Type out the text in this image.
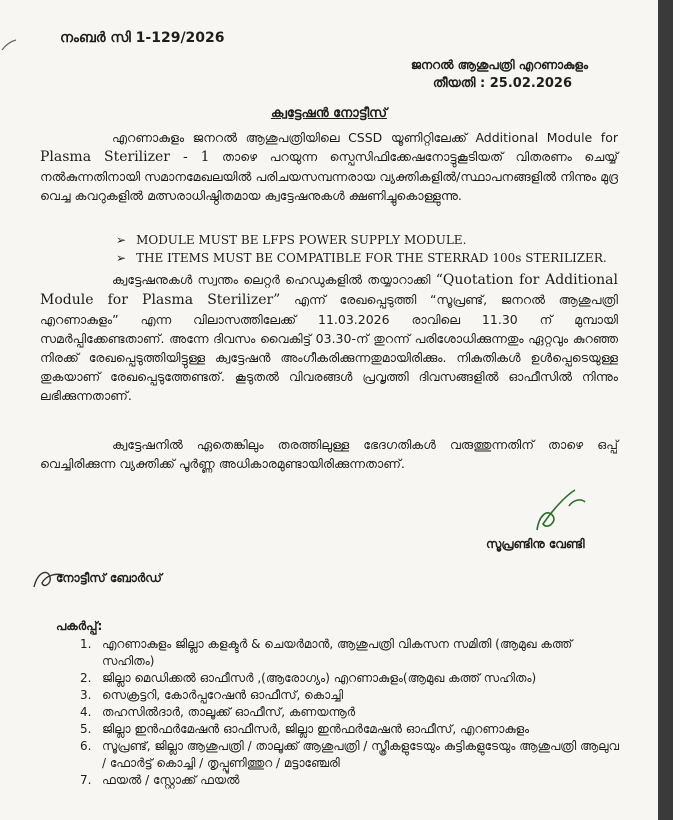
നംബർ സി 1-129/2026
ജനറൽ ആശുപത്രി എറണാകുളം
തീയതി : 25.02.2026
ക്വട്ടേഷൻ നോട്ടീസ്
എറണാകുളം ജനറൽ ആശുപത്രിയിലെ CSSD യൂണിറ്റിലേക്ക് Additional Module for Plasma Sterilizer - 1 താഴെ പറയുന്ന സ്പെസിഫിക്കേഷനോട്ടുകൂടിയത് വിതരണം ചെയ്യ് നൽകുന്നതിനായി സമാനമേഖലയിൽ പരിചയസമ്പന്നരായ വ്യക്തികളിൽ/സ്ഥാപനങ്ങളിൽ നിന്നും മുദ്ര വെച്ച കവറുകളിൽ മത്സരാധിഷ്ഠിതമായ ക്വട്ടേഷനുകൾ ക്ഷണിച്ചുകൊള്ളുന്നു.
➢ MODULE MUST BE LFPS POWER SUPPLY MODULE.
➢ THE ITEMS MUST BE COMPATIBLE FOR THE STERRAD 100s STERILIZER.
ക്വട്ടേഷനുകൾ സ്വന്തം ലെറ്റർ ഹെഡുകളിൽ തയ്യാറാക്കി “Quotation for Additional Module for Plasma Sterilizer” എന്ന് രേഖപ്പെടുത്തി “സൂപ്രണ്ട്, ജനറൽ ആശുപത്രി എറണാകുളം” എന്ന വിലാസത്തിലേക്ക് 11.03.2026 രാവിലെ 11.30 ന് മുമ്പായി സമർപ്പിക്കേണ്ടതാണ്. അന്നേ ദിവസം വൈകിട്ട് 03.30-ന് തുറന്ന് പരിശോധിക്കുന്നതും ഏറ്റവും കുറഞ്ഞ നിരക്ക് രേഖപ്പെടുത്തിയിട്ടുള്ള ക്വട്ടേഷൻ അംഗീകരിക്കുന്നതുമായിരിക്കും. നികുതികൾ ഉൾപ്പെടെയുള്ള തുകയാണ് രേഖപ്പെടുത്തേണ്ടത്. കൂടുതൽ വിവരങ്ങൾ പ്രവൃത്തി ദിവസങ്ങളിൽ ഓഫീസിൽ നിന്നും ലഭിക്കുന്നതാണ്.
ക്വട്ടേഷനിൽ ഏതെങ്കിലും തരത്തിലുള്ള ഭേദഗതികൾ വരുത്തുന്നതിന് താഴെ ഒപ്പ് വെച്ചിരിക്കുന്ന വ്യക്തിക്ക് പൂർണ്ണ അധികാരമുണ്ടായിരിക്കുന്നതാണ്.
സൂപ്രണ്ടിനു വേണ്ടി
നോട്ടീസ് ബോർഡ്
പകർപ്പ്:
1. എറണാകുളം ജില്ലാ കളക്ടർ & ചെയർമാൻ, ആശുപത്രി വികസന സമിതി (ആമുഖ കത്ത് സഹിതം)
2. ജില്ലാ മെഡിക്കൽ ഓഫീസർ ,(ആരോഗ്യം) എറണാകുളം(ആമുഖ കത്ത് സഹിതം)
3. സെക്രട്ടറി, കോർപ്പറേഷൻ ഓഫീസ്, കൊച്ചി
4. തഹസിൽദാർ, താലൂക്ക് ഓഫീസ്, കണയന്നൂർ
5. ജില്ലാ ഇൻഫർമേഷൻ ഓഫീസർ, ജില്ലാ ഇൻഫർമേഷൻ ഓഫീസ്, എറണാകുളം
6. സൂപ്രണ്ട്, ജില്ലാ ആശുപത്രി / താലൂക്ക് ആശുപത്രി / സ്ത്രീകളുടേയും കുട്ടികളുടേയും ആശുപത്രി ആലുവ / ഫോർട്ട് കൊച്ചി / തൃപ്പൂണിത്തുറ / മട്ടാഞ്ചേരി
7. ഫയൽ / സ്റ്റോക്ക് ഫയൽ
